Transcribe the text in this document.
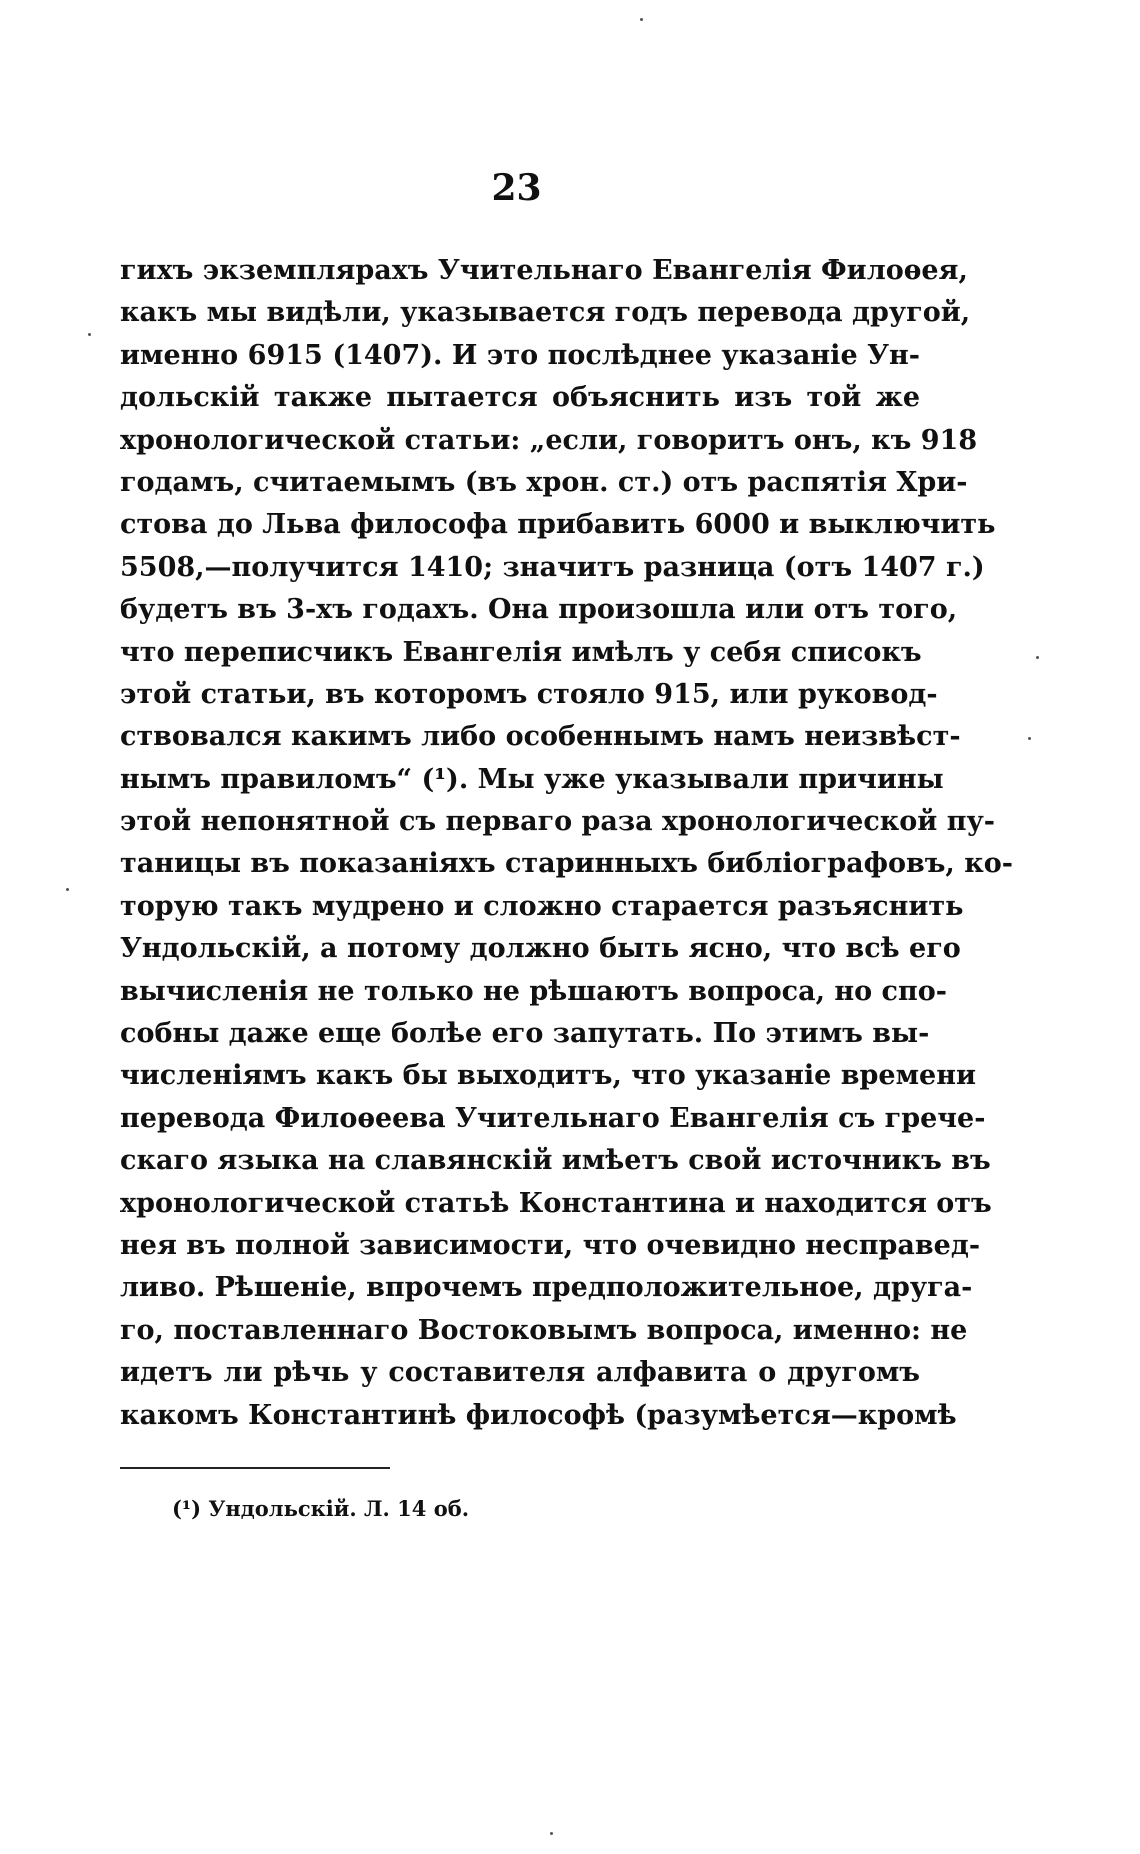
23
гихъ экземплярахъ Учительнаго Евангелія Филоѳея,
какъ мы видѣли, указывается годъ перевода другой,
именно 6915 (1407). И это послѣднее указаніе Ун-
дольскій также пытается объяснить изъ той же
хронологической статьи: „если, говоритъ онъ, къ 918
годамъ, считаемымъ (въ хрон. ст.) отъ распятія Хри-
стова до Льва философа прибавить 6000 и выключить
5508,—получится 1410; значитъ разница (отъ 1407 г.)
будетъ въ 3-хъ годахъ. Она произошла или отъ того,
что переписчикъ Евангелія имѣлъ у себя списокъ
этой статьи, въ которомъ стояло 915, или руковод-
ствовался какимъ либо особеннымъ намъ неизвѣст-
нымъ правиломъ“ (¹). Мы уже указывали причины
этой непонятной съ перваго раза хронологической пу-
таницы въ показаніяхъ старинныхъ библіографовъ, ко-
торую такъ мудрено и сложно старается разъяснить
Ундольскій, а потому должно быть ясно, что всѣ его
вычисленія не только не рѣшаютъ вопроса, но спо-
собны даже еще болѣе его запутать. По этимъ вы-
численіямъ какъ бы выходитъ, что указаніе времени
перевода Филоѳеева Учительнаго Евангелія съ грече-
скаго языка на славянскій имѣетъ свой источникъ въ
хронологической статьѣ Константина и находится отъ
нея въ полной зависимости, что очевидно несправед-
ливо. Рѣшеніе, впрочемъ предположительное, друга-
го, поставленнаго Востоковымъ вопроса, именно: не
идетъ ли рѣчь у составителя алфавита о другомъ
какомъ Константинѣ философѣ (разумѣется—кромѣ
(¹) Ундольскій. Л. 14 об.
